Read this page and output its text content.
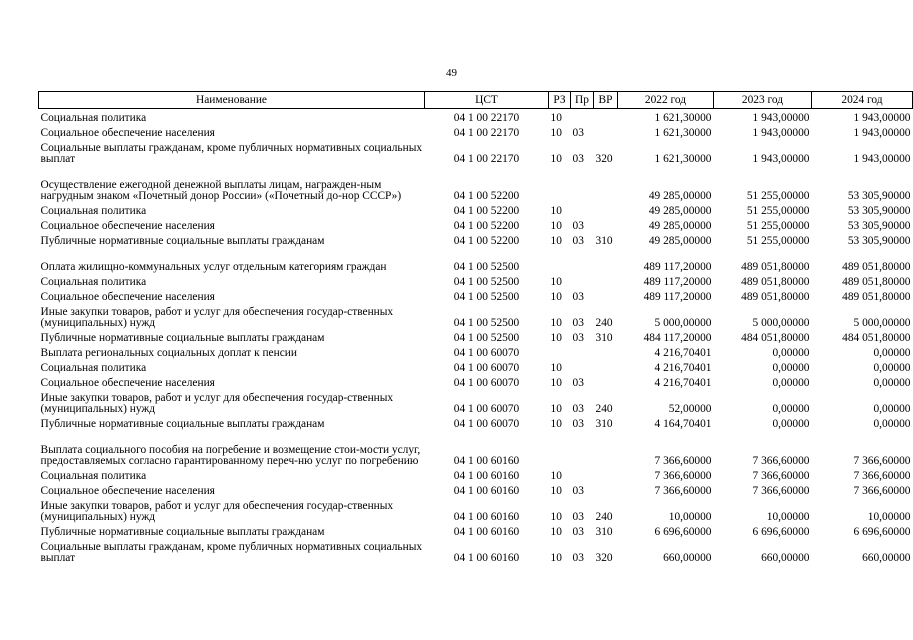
49
Наименование	ЦСТ	РЗ	Пр	ВР	2022 год	2023 год	2024 год
Социальная политика	04 1 00 22170	10			1 621,30000	1 943,00000	1 943,00000
Социальное обеспечение населения	04 1 00 22170	10	03		1 621,30000	1 943,00000	1 943,00000
Социальные выплаты гражданам, кроме публичных нормативных социальных выплат	04 1 00 22170	10	03	320	1 621,30000	1 943,00000	1 943,00000
Осуществление ежегодной денежной выплаты лицам, награжден-ным нагрудным знаком «Почетный донор России» («Почетный до-нор СССР»)	04 1 00 52200				49 285,00000	51 255,00000	53 305,90000
Социальная политика	04 1 00 52200	10			49 285,00000	51 255,00000	53 305,90000
Социальное обеспечение населения	04 1 00 52200	10	03		49 285,00000	51 255,00000	53 305,90000
Публичные нормативные социальные выплаты гражданам	04 1 00 52200	10	03	310	49 285,00000	51 255,00000	53 305,90000
Оплата жилищно-коммунальных услуг отдельным категориям граждан	04 1 00 52500				489 117,20000	489 051,80000	489 051,80000
Социальная политика	04 1 00 52500	10			489 117,20000	489 051,80000	489 051,80000
Социальное обеспечение населения	04 1 00 52500	10	03		489 117,20000	489 051,80000	489 051,80000
Иные закупки товаров, работ и услуг для обеспечения государ-ственных (муниципальных) нужд	04 1 00 52500	10	03	240	5 000,00000	5 000,00000	5 000,00000
Публичные нормативные социальные выплаты гражданам	04 1 00 52500	10	03	310	484 117,20000	484 051,80000	484 051,80000
Выплата региональных социальных доплат к пенсии	04 1 00 60070				4 216,70401	0,00000	0,00000
Социальная политика	04 1 00 60070	10			4 216,70401	0,00000	0,00000
Социальное обеспечение населения	04 1 00 60070	10	03		4 216,70401	0,00000	0,00000
Иные закупки товаров, работ и услуг для обеспечения государ-ственных (муниципальных) нужд	04 1 00 60070	10	03	240	52,00000	0,00000	0,00000
Публичные нормативные социальные выплаты гражданам	04 1 00 60070	10	03	310	4 164,70401	0,00000	0,00000
Выплата социального пособия на погребение и возмещение стои-мости услуг, предоставляемых согласно гарантированному переч-ню услуг по погребению	04 1 00 60160				7 366,60000	7 366,60000	7 366,60000
Социальная политика	04 1 00 60160	10			7 366,60000	7 366,60000	7 366,60000
Социальное обеспечение населения	04 1 00 60160	10	03		7 366,60000	7 366,60000	7 366,60000
Иные закупки товаров, работ и услуг для обеспечения государ-ственных (муниципальных) нужд	04 1 00 60160	10	03	240	10,00000	10,00000	10,00000
Публичные нормативные социальные выплаты гражданам	04 1 00 60160	10	03	310	6 696,60000	6 696,60000	6 696,60000
Социальные выплаты гражданам, кроме публичных нормативных социальных выплат	04 1 00 60160	10	03	320	660,00000	660,00000	660,00000
